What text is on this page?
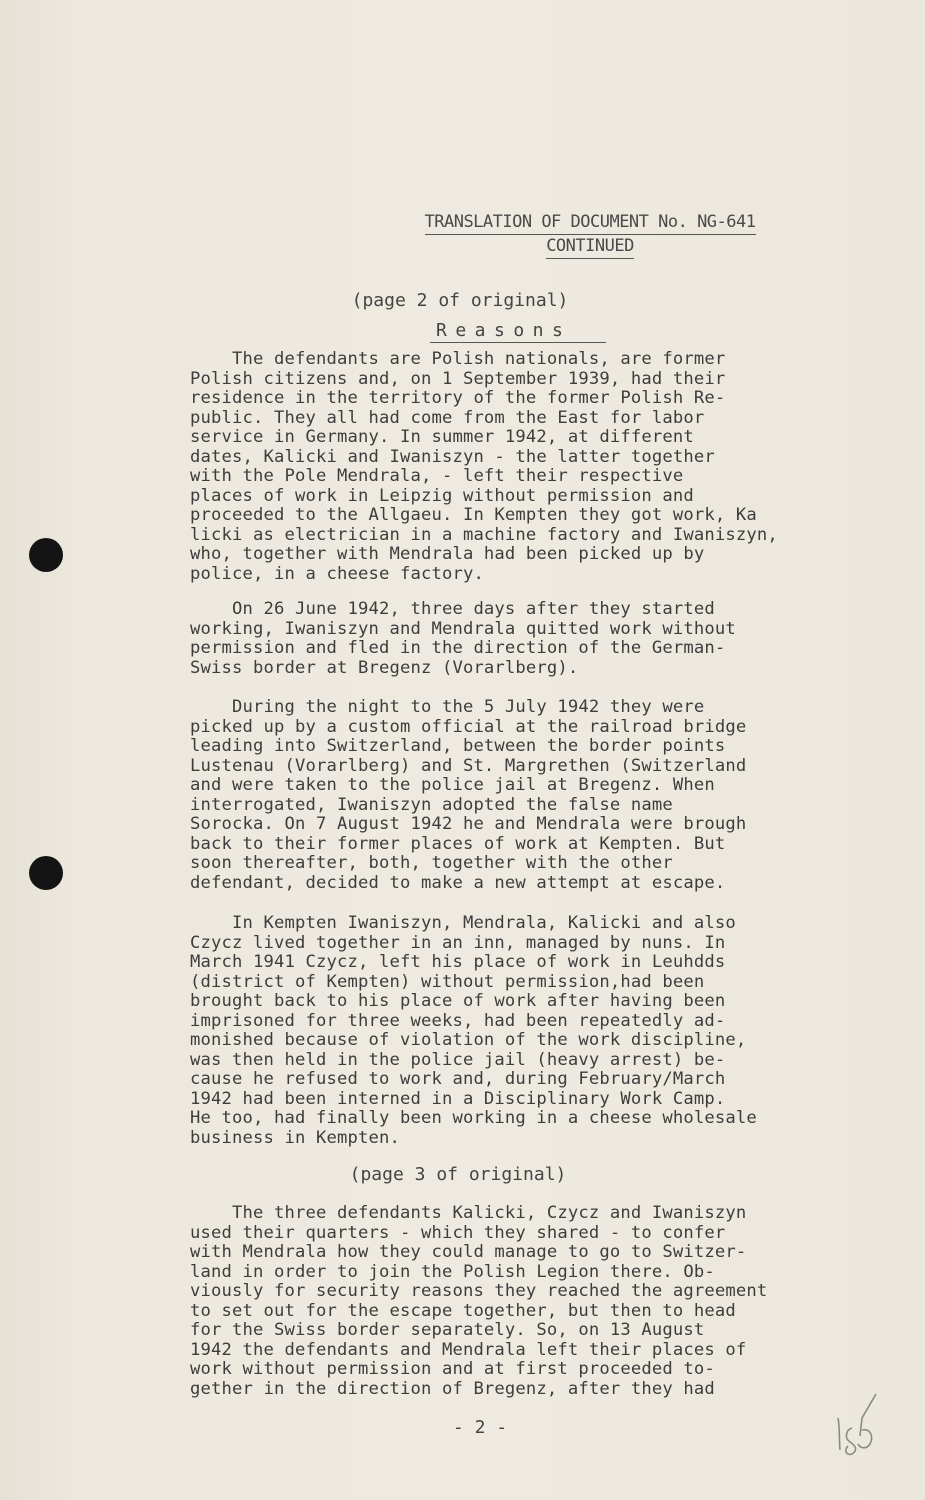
TRANSLATION OF DOCUMENT No. NG-641
CONTINUED
(page 2 of original)
Reasons
The defendants are Polish nationals, are former
Polish citizens and, on 1 September 1939, had their
residence in the territory of the former Polish Re-
public. They all had come from the East for labor
service in Germany. In summer 1942, at different
dates, Kalicki and Iwaniszyn - the latter together
with the Pole Mendrala, - left their respective
places of work in Leipzig without permission and
proceeded to the Allgaeu. In Kempten they got work, Ka
licki as electrician in a machine factory and Iwaniszyn,
who, together with Mendrala had been picked up by
police, in a cheese factory.
On 26 June 1942, three days after they started
working, Iwaniszyn and Mendrala quitted work without
permission and fled in the direction of the German-
Swiss border at Bregenz (Vorarlberg).
During the night to the 5 July 1942 they were
picked up by a custom official at the railroad bridge
leading into Switzerland, between the border points
Lustenau (Vorarlberg) and St. Margrethen (Switzerland
and were taken to the police jail at Bregenz. When
interrogated, Iwaniszyn adopted the false name
Sorocka. On 7 August 1942 he and Mendrala were brough
back to their former places of work at Kempten. But
soon thereafter, both, together with the other
defendant, decided to make a new attempt at escape.
In Kempten Iwaniszyn, Mendrala, Kalicki and also
Czycz lived together in an inn, managed by nuns. In
March 1941 Czycz, left his place of work in Leuhdds
(district of Kempten) without permission,had been
brought back to his place of work after having been
imprisoned for three weeks, had been repeatedly ad-
monished because of violation of the work discipline,
was then held in the police jail (heavy arrest) be-
cause he refused to work and, during February/March
1942 had been interned in a Disciplinary Work Camp.
He too, had finally been working in a cheese wholesale
business in Kempten.
(page 3 of original)
The three defendants Kalicki, Czycz and Iwaniszyn
used their quarters - which they shared - to confer
with Mendrala how they could manage to go to Switzer-
land in order to join the Polish Legion there. Ob-
viously for security reasons they reached the agreement
to set out for the escape together, but then to head
for the Swiss border separately. So, on 13 August
1942 the defendants and Mendrala left their places of
work without permission and at first proceeded to-
gether in the direction of Bregenz, after they had
- 2 -
